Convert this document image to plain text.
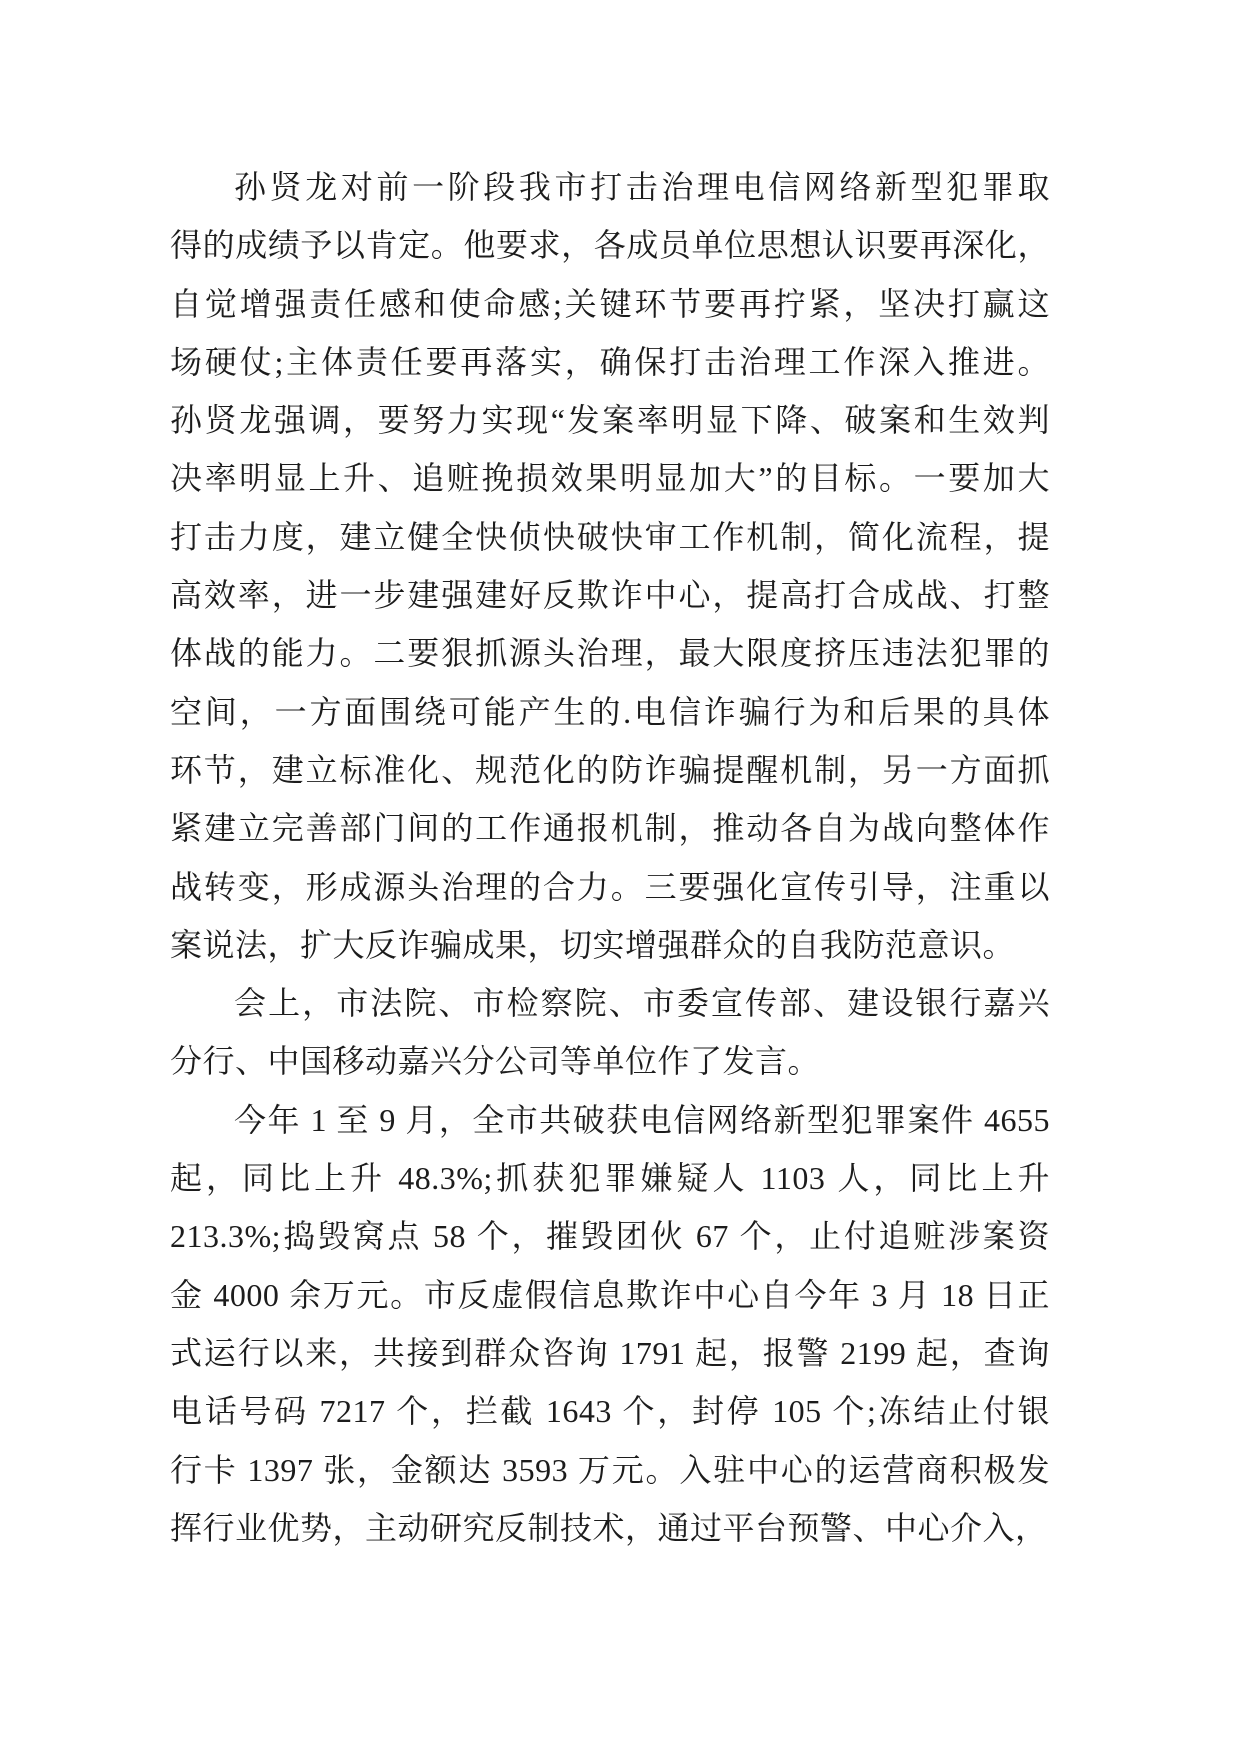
孙贤龙对前一阶段我市打击治理电信网络新型犯罪取
得的成绩予以肯定。他要求，各成员单位思想认识要再深化，
自觉增强责任感和使命感;关键环节要再拧紧，坚决打赢这
场硬仗;主体责任要再落实，确保打击治理工作深入推进。
孙贤龙强调，要努力实现“发案率明显下降、破案和生效判
决率明显上升、追赃挽损效果明显加大”的目标。一要加大
打击力度，建立健全快侦快破快审工作机制，简化流程，提
高效率，进一步建强建好反欺诈中心，提高打合成战、打整
体战的能力。二要狠抓源头治理，最大限度挤压违法犯罪的
空间，一方面围绕可能产生的.电信诈骗行为和后果的具体
环节，建立标准化、规范化的防诈骗提醒机制，另一方面抓
紧建立完善部门间的工作通报机制，推动各自为战向整体作
战转变，形成源头治理的合力。三要强化宣传引导，注重以
案说法，扩大反诈骗成果，切实增强群众的自我防范意识。
会上，市法院、市检察院、市委宣传部、建设银行嘉兴
分行、中国移动嘉兴分公司等单位作了发言。
今年 1 至 9 月，全市共破获电信网络新型犯罪案件 4655
起，同比上升 48.3%;抓获犯罪嫌疑人 1103 人，同比上升
213.3%;捣毁窝点 58 个，摧毁团伙 67 个，止付追赃涉案资
金 4000 余万元。市反虚假信息欺诈中心自今年 3 月 18 日正
式运行以来，共接到群众咨询 1791 起，报警 2199 起，查询
电话号码 7217 个，拦截 1643 个，封停 105 个;冻结止付银
行卡 1397 张，金额达 3593 万元。入驻中心的运营商积极发
挥行业优势，主动研究反制技术，通过平台预警、中心介入，
